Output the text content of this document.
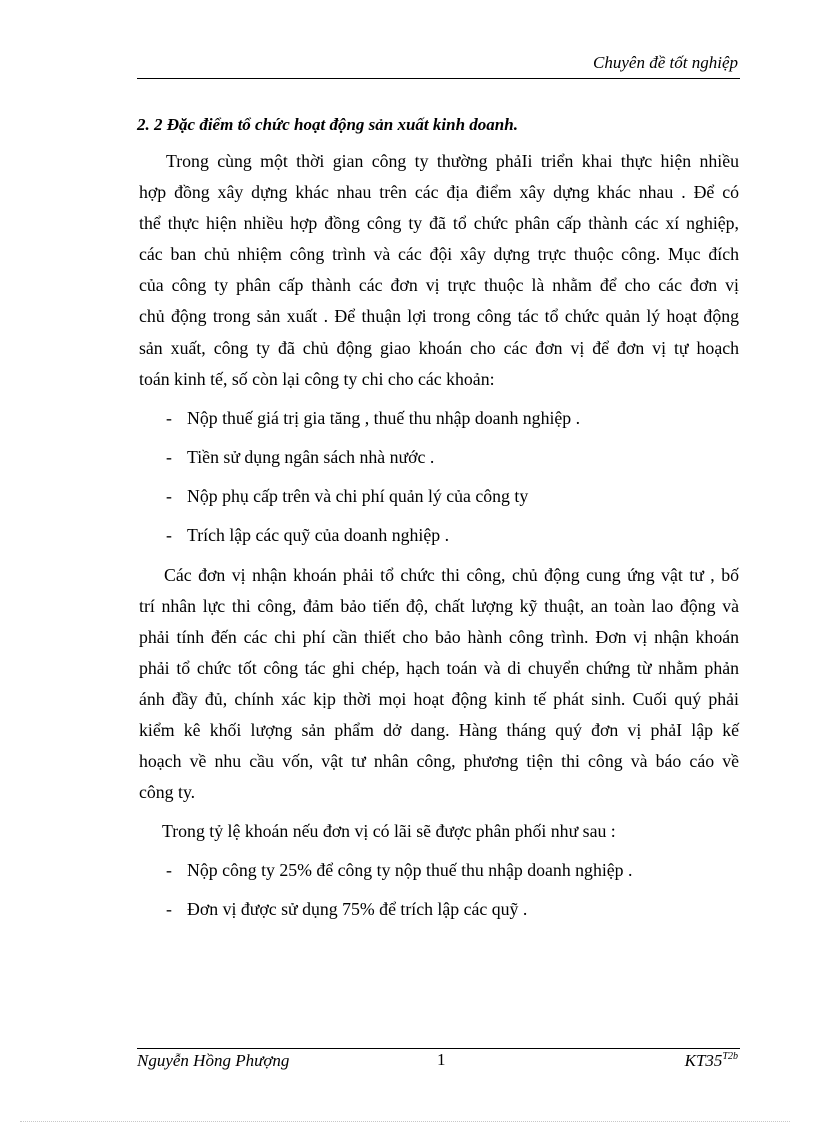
Chuyên đề tốt nghiệp
2. 2 Đặc điểm tổ chức hoạt động sản xuất kinh doanh.
Trong cùng một thời gian công ty thường phảIi triển khai thực hiện nhiều
hợp đồng xây dựng khác nhau trên các địa điểm xây dựng khác nhau . Để có
thể thực hiện nhiều hợp đồng công ty đã tổ chức phân cấp thành các xí nghiệp,
các ban chủ nhiệm công trình và các đội xây dựng trực thuộc công. Mục đích
của công ty phân cấp thành các đơn vị trực thuộc là nhằm để cho các đơn vị
chủ động trong sản xuất . Để thuận lợi trong công tác tổ chức quản lý hoạt động
sản xuất, công ty đã chủ động giao khoán cho các đơn vị để đơn vị tự hoạch
toán kinh tế, số còn lại công ty chi cho các khoản:
- Nộp thuế giá trị gia tăng , thuế thu nhập doanh nghiệp .
- Tiền sử dụng ngân sách nhà nước .
- Nộp phụ cấp trên và chi phí quản lý của công ty
- Trích lập các quỹ của doanh nghiệp .
Các đơn vị nhận khoán phải tổ chức thi công, chủ động cung ứng vật tư , bố
trí nhân lực thi công, đảm bảo tiến độ, chất lượng kỹ thuật, an toàn lao động và
phải tính đến các chi phí cần thiết cho bảo hành công trình. Đơn vị nhận khoán
phải tổ chức tốt công tác ghi chép, hạch toán và di chuyển chứng từ nhằm phản
ánh đầy đủ, chính xác kịp thời mọi hoạt động kinh tế phát sinh. Cuối quý phải
kiểm kê khối lượng sản phẩm dở dang. Hàng tháng quý đơn vị phảI lập kế
hoạch về nhu cầu vốn, vật tư nhân công, phương tiện thi công và báo cáo về
công ty.
Trong tỷ lệ khoán nếu đơn vị có lãi sẽ được phân phối như sau :
- Nộp công ty 25% để công ty nộp thuế thu nhập doanh nghiệp .
- Đơn vị được sử dụng 75% để trích lập các quỹ .
Nguyễn Hồng Phượng	1	$KT35^{T2b}$
